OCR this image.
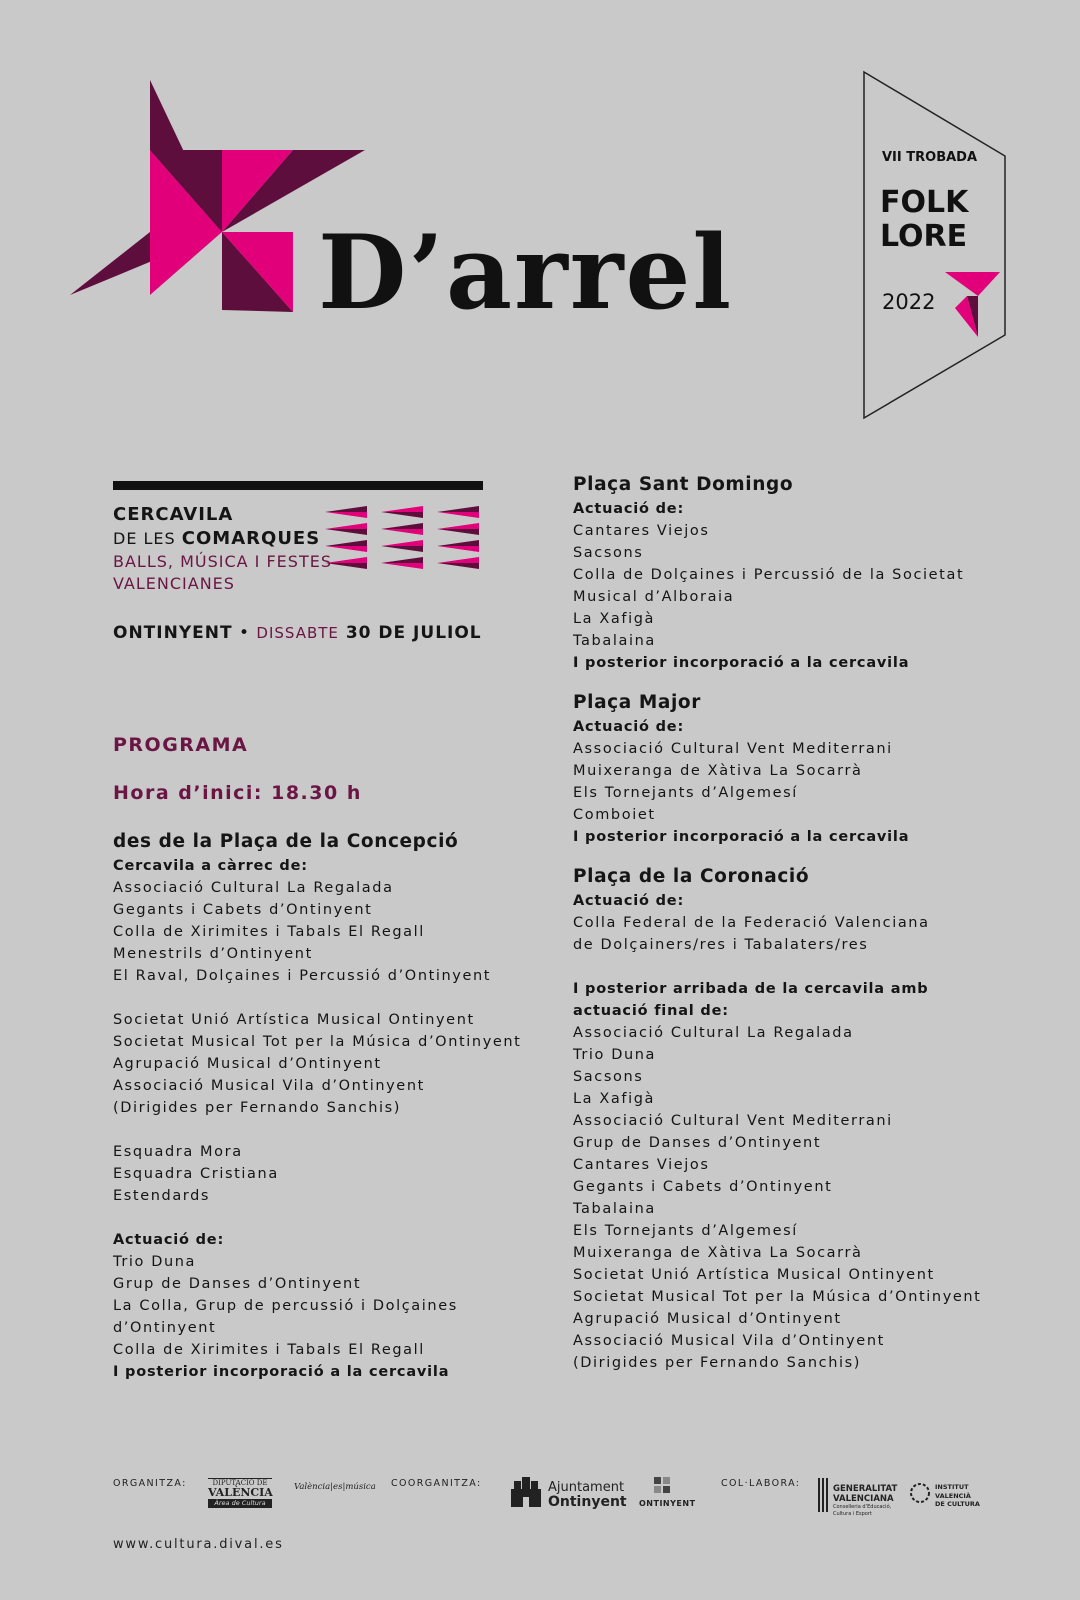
D’arrel
VII TROBADA
FOLK
LORE
2022
CERCAVILA
DE LES COMARQUES
BALLS, MÚSICA I FESTES
VALENCIANES
ONTINYENT • DISSABTE 30 DE JULIOL
PROGRAMA
Hora d’inici: 18.30 h
des de la Plaça de la Concepció
Cercavila a càrrec de:
Associació Cultural La Regalada
Gegants i Cabets d’Ontinyent
Colla de Xirimites i Tabals El Regall
Menestrils d’Ontinyent
El Raval, Dolçaines i Percussió d’Ontinyent
Societat Unió Artística Musical Ontinyent
Societat Musical Tot per la Música d’Ontinyent
Agrupació Musical d’Ontinyent
Associació Musical Vila d’Ontinyent
(Dirigides per Fernando Sanchis)
Esquadra Mora
Esquadra Cristiana
Estendards
Actuació de:
Trio Duna
Grup de Danses d’Ontinyent
La Colla, Grup de percussió i Dolçaines
d’Ontinyent
Colla de Xirimites i Tabals El Regall
I posterior incorporació a la cercavila
Plaça Sant Domingo
Actuació de:
Cantares Viejos
Sacsons
Colla de Dolçaines i Percussió de la Societat
Musical d’Alboraia
La Xafigà
Tabalaina
I posterior incorporació a la cercavila
Plaça Major
Actuació de:
Associació Cultural Vent Mediterrani
Muixeranga de Xàtiva La Socarrà
Els Tornejants d’Algemesí
Comboiet
I posterior incorporació a la cercavila
Plaça de la Coronació
Actuació de:
Colla Federal de la Federació Valenciana
de Dolçainers/res i Tabalaters/res
I posterior arribada de la cercavila amb
actuació final de:
Associació Cultural La Regalada
Trio Duna
Sacsons
La Xafigà
Associació Cultural Vent Mediterrani
Grup de Danses d’Ontinyent
Cantares Viejos
Gegants i Cabets d’Ontinyent
Tabalaina
Els Tornejants d’Algemesí
Muixeranga de Xàtiva La Socarrà
Societat Unió Artística Musical Ontinyent
Societat Musical Tot per la Música d’Ontinyent
Agrupació Musical d’Ontinyent
Associació Musical Vila d’Ontinyent
(Dirigides per Fernando Sanchis)
ORGANITZA:	DIPUTACIÓ DE
VALÈNCIA
Àrea de Cultura
València|es|música COORGANITZA:	Ajuntament
Ontinyent ONTINYENT
COL·LABORA:	GENERALITAT
VALENCIANA
Conselleria d’Educació,
Cultura i Esport
INSTITUT
VALENCIÀ
DE CULTURA
www.cultura.dival.es
